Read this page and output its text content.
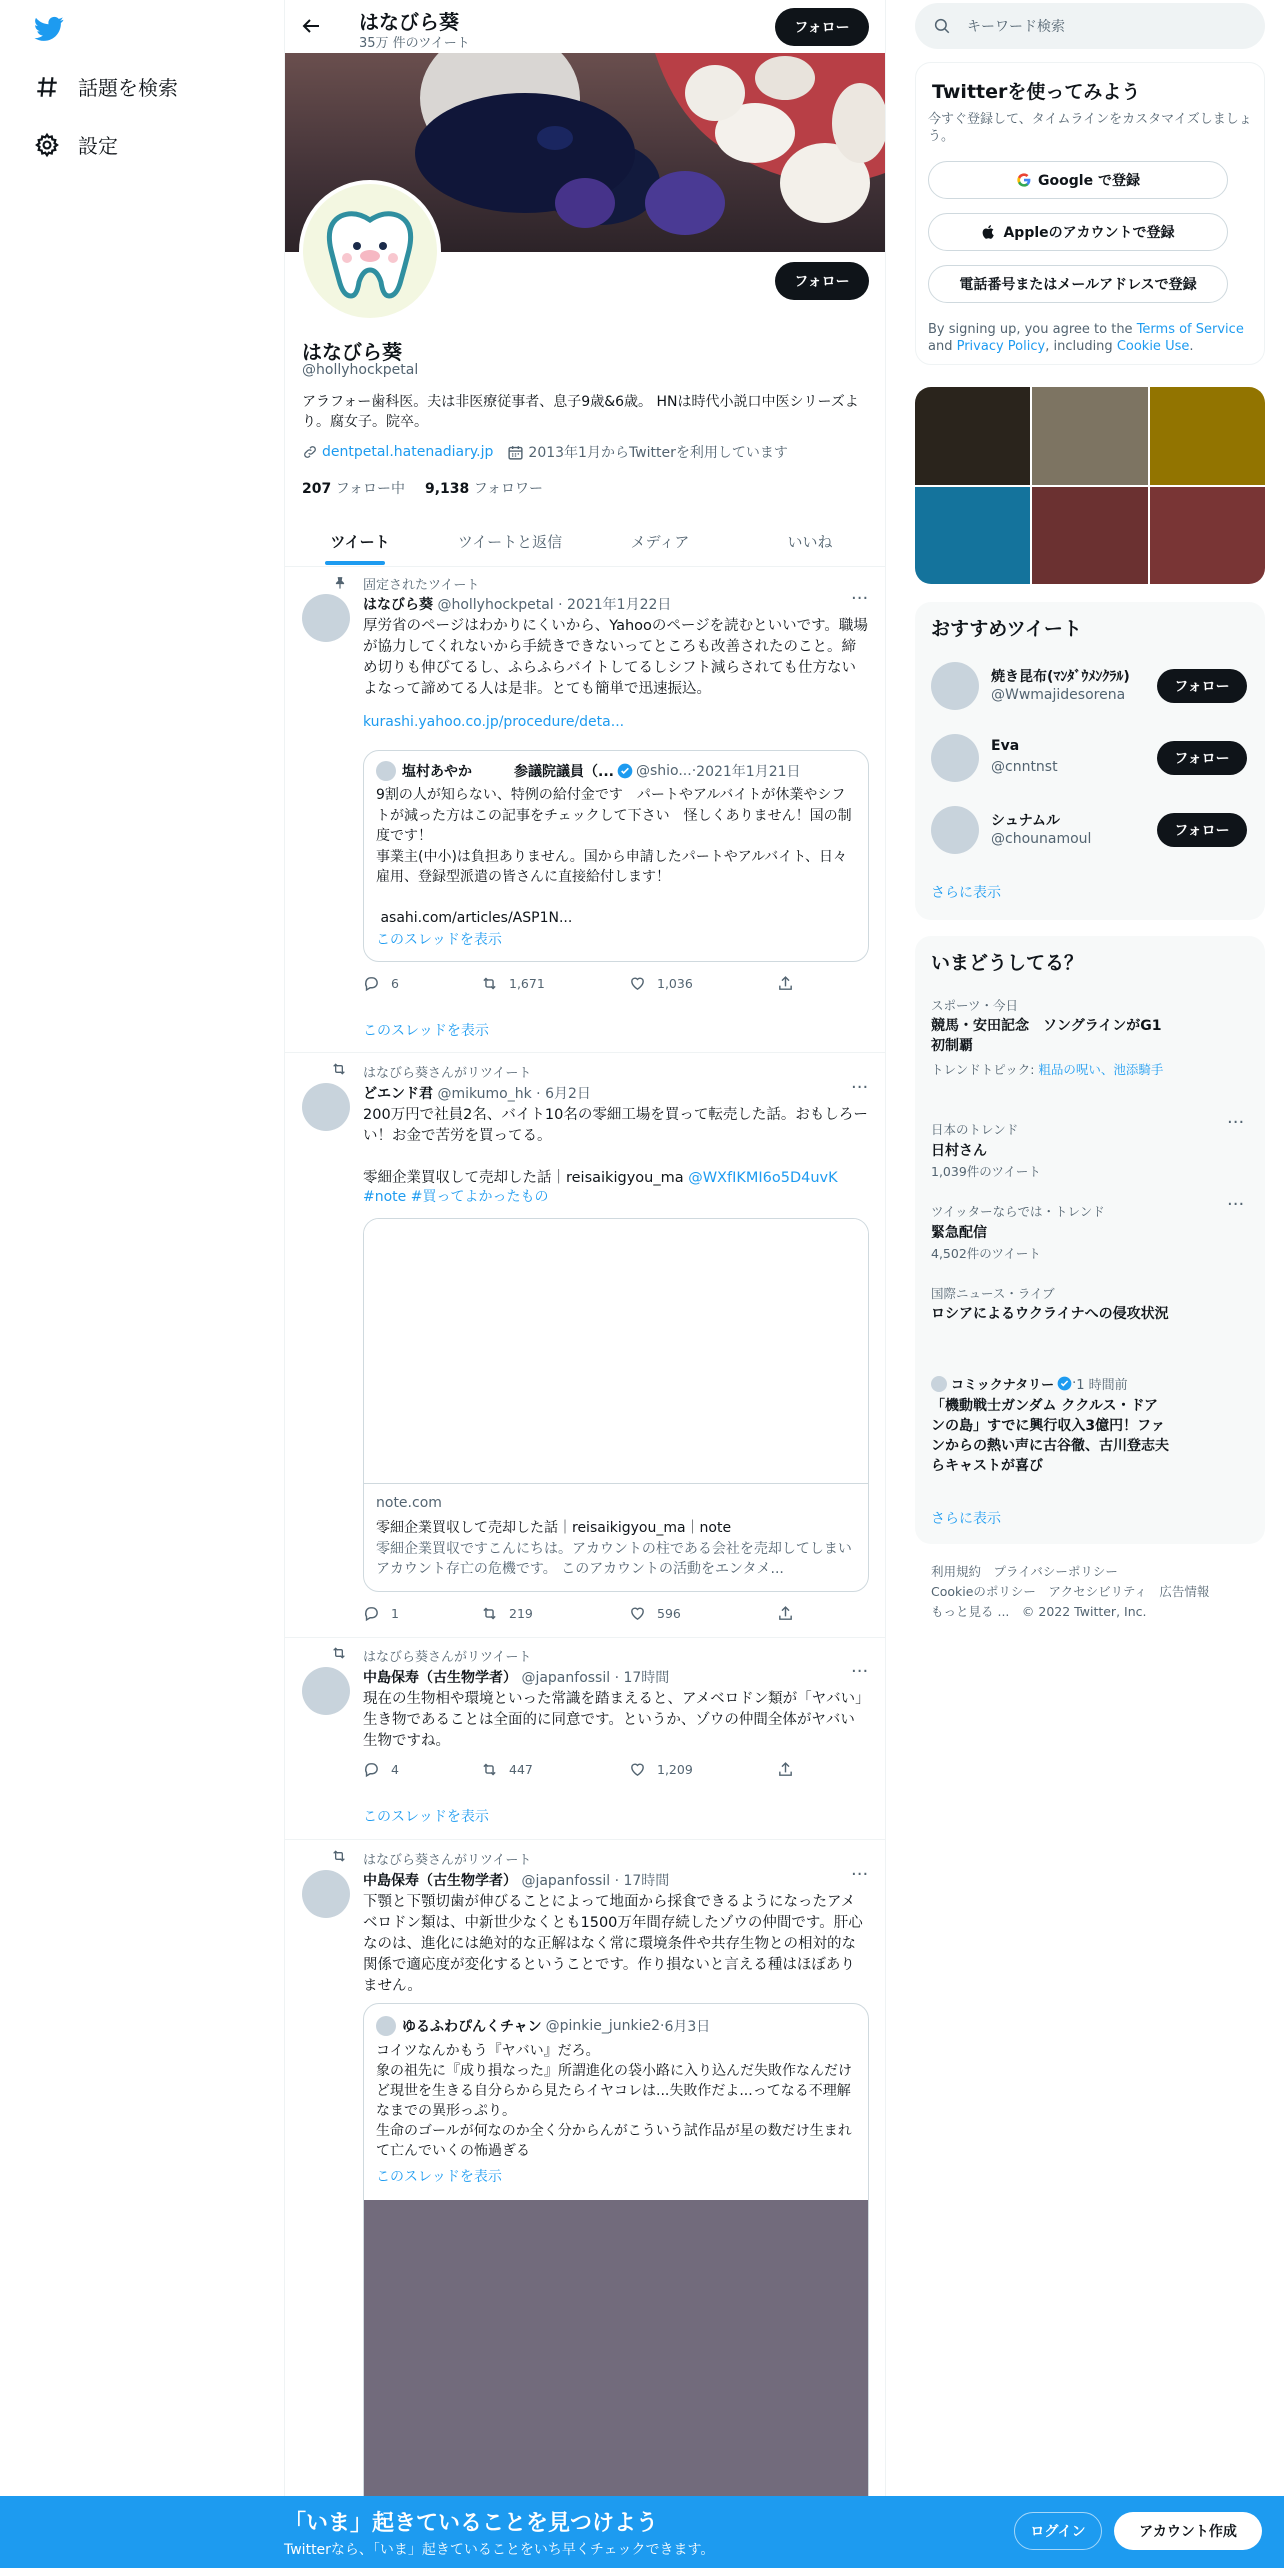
話題を検索
設定
はなびら葵
35万 件のツイート
フォロー
フォロー
はなびら葵
@hollyhockpetal
アラフォー歯科医。夫は非医療従事者、息子9歳&6歳。 HNは時代小説口中医シリーズより。腐女子。院卒。
dentpetal.hatenadiary.jp	2013年1月からTwitterを利用しています
207 フォロー中 9,138 フォロワー
ツイート	ツイートと返信	メディア	いいね
固定されたツイート
はなびら葵 @hollyhockpetal · 2021年1月22日	···
厚労省のページはわかりにくいから、Yahooのページを読むといいです。職場が協力してくれないから手続きできないってところも改善されたのこと。締め切りも伸びてるし、ふらふらバイトしてるしシフト減らされても仕方ないよなって諦めてる人は是非。とても簡単で迅速振込。
kurashi.yahoo.co.jp/procedure/deta...
塩村あやか　　　参議院議員（... @shio... · 2021年1月21日
9割の人が知らない、特例の給付金です　パートやアルバイトが休業やシフトが減った方はこの記事をチェックして下さい　怪しくありません！国の制度です！
事業主(中小)は負担ありません。国から申請したパートやアルバイト、日々雇用、登録型派遣の皆さんに直接給付します！

asahi.com/articles/ASP1N...
このスレッドを表示
6	1,671	1,036
このスレッドを表示
はなびら葵さんがリツイート
どエンド君 @mikumo_hk · 6月2日	···
200万円で社員2名、バイト10名の零細工場を買って転売した話。おもしろーい！お金で苦労を買ってる。

零細企業買収して売却した話｜reisaikigyou_ma @WXfIKMI6o5D4uvK
#note #買ってよかったもの
note.com
零細企業買収して売却した話｜reisaikigyou_ma｜note
零細企業買収ですこんにちは。アカウントの柱である会社を売却してしまいアカウント存亡の危機です。 このアカウントの活動をエンタメ...
1	219	596
はなびら葵さんがリツイート
中島保寿（古生物学者） @japanfossil · 17時間	···
現在の生物相や環境といった常識を踏まえると、アメベロドン類が「ヤバい」生き物であることは全面的に同意です。というか、ゾウの仲間全体がヤバい生物ですね。
4	447	1,209
このスレッドを表示
はなびら葵さんがリツイート
中島保寿（古生物学者） @japanfossil · 17時間	···
下顎と下顎切歯が伸びることによって地面から採食できるようになったアメベロドン類は、中新世少なくとも1500万年間存続したゾウの仲間です。肝心なのは、進化には絶対的な正解はなく常に環境条件や共存生物との相対的な関係で適応度が変化するということです。作り損ないと言える種はほぼありません。
ゆるふわぴんくチャン @pinkie_junkie2 · 6月3日
コイツなんかもう『ヤバい』だろ。
象の祖先に『成り損なった』所謂進化の袋小路に入り込んだ失敗作なんだけど現世を生きる自分らから見たらイヤコレは...失敗作だよ...ってなる不理解なまでの異形っぷり。
生命のゴールが何なのか全く分からんがこういう試作品が星の数だけ生まれて亡んでいくの怖過ぎる
このスレッドを表示
キーワード検索
Twitterを使ってみよう
今すぐ登録して、タイムラインをカスタマイズしましょう。
Google で登録
Appleのアカウントで登録
電話番号またはメールアドレスで登録
By signing up, you agree to the Terms of Service and Privacy Policy, including Cookie Use.
おすすめツイート
焼き昆布(ﾏﾝﾀﾞｳﾒﾝｸﾗﾙ)
@Wwmajidesorena	フォロー
Eva
@cnntnst	フォロー
シュナムル
@chounamoul	フォロー
さらに表示
いまどうしてる？
スポーツ・今日
競馬・安田記念　ソングラインがG1初制覇
トレンドトピック: 粗品の呪い、池添騎手
日本のトレンド	···
日村さん
1,039件のツイート
ツイッターならでは・トレンド	···
緊急配信
4,502件のツイート
国際ニュース・ライブ
ロシアによるウクライナへの侵攻状況
コミックナタリー · 1 時間前
「機動戦士ガンダム ククルス・ドアンの島」すでに興行収入3億円！ファンからの熱い声に古谷徹、古川登志夫らキャストが喜び
さらに表示
利用規約　 プライバシーポリシー
Cookieのポリシー　 アクセシビリティ　 広告情報
もっと見る ...　 © 2022 Twitter, Inc.
「いま」起きていることを見つけよう
Twitterなら、「いま」起きていることをいち早くチェックできます。
ログイン	アカウント作成
